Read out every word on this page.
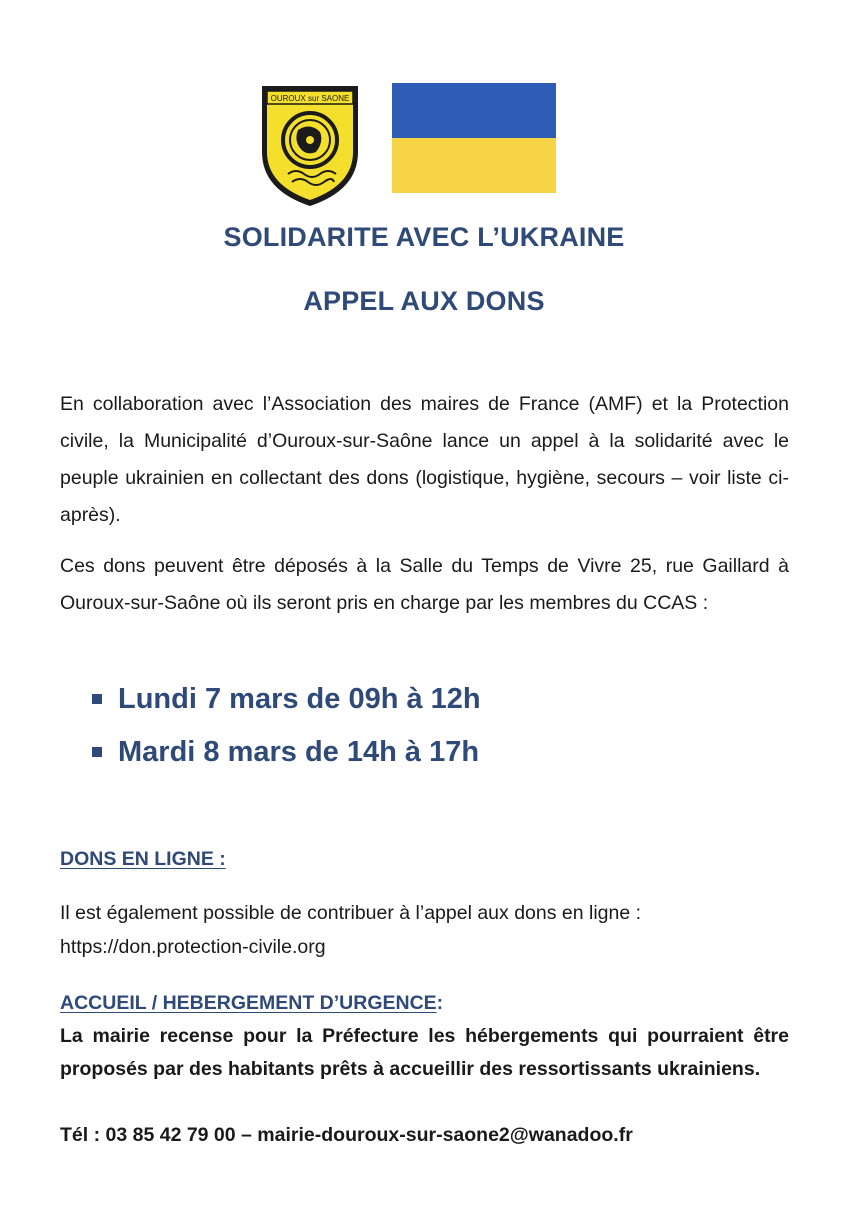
OUROUX sur SAONE
SOLIDARITE AVEC L’UKRAINE
APPEL AUX DONS
En collaboration avec l’Association des maires de France (AMF) et la Protection civile, la Municipalité d’Ouroux-sur-Saône lance un appel à la solidarité avec le peuple ukrainien en collectant des dons (logistique, hygiène, secours – voir liste ci-après).
Ces dons peuvent être déposés à la Salle du Temps de Vivre 25, rue Gaillard à Ouroux-sur-Saône où ils seront pris en charge par les membres du CCAS :
Lundi 7 mars de 09h à 12h
Mardi 8 mars de 14h à 17h
DONS EN LIGNE :
Il est également possible de contribuer à l’appel aux dons en ligne :
https://don.protection-civile.org
ACCUEIL / HEBERGEMENT D’URGENCE:
La mairie recense pour la Préfecture les hébergements qui pourraient être proposés par des habitants prêts à accueillir des ressortissants ukrainiens.
Tél : 03 85 42 79 00 – mairie-douroux-sur-saone2@wanadoo.fr
